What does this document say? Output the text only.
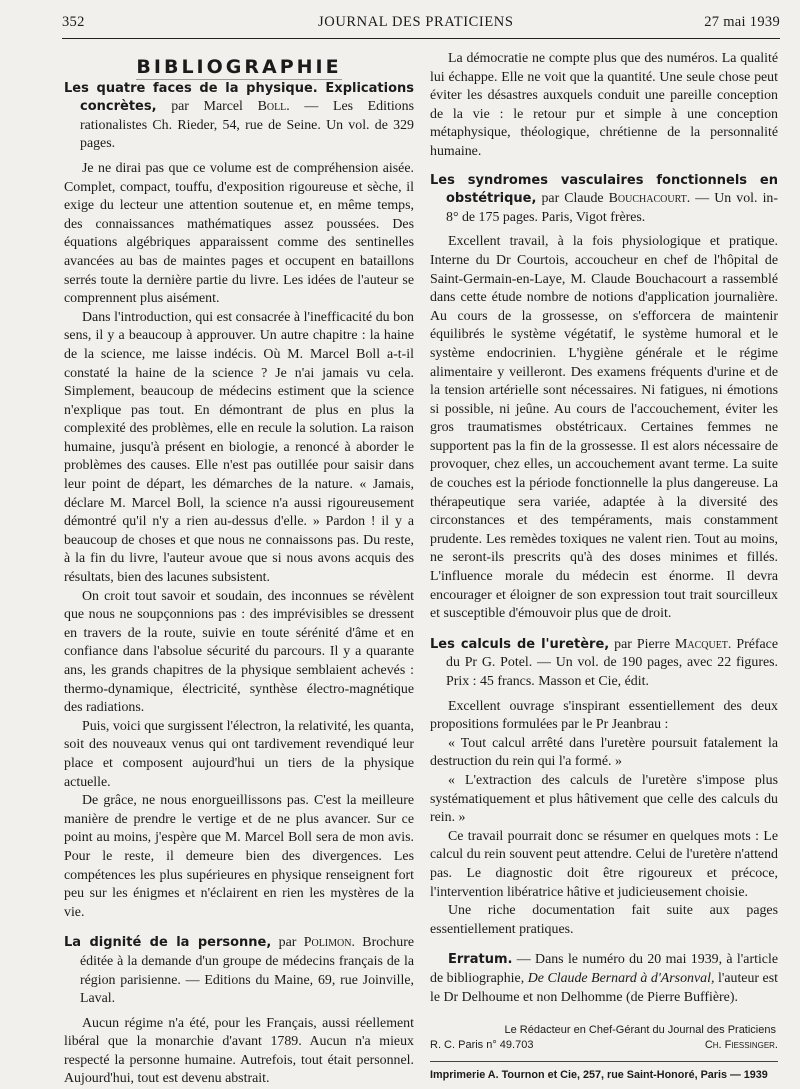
352	JOURNAL DES PRATICIENS	27 mai 1939

BIBLIOGRAPHIE

Les quatre faces de la physique. Explications concrètes, par Marcel Boll. — Les Editions rationalistes Ch. Rieder, 54, rue de Seine. Un vol. de 329 pages.

Je ne dirai pas que ce volume est de compréhension aisée. Complet, compact, touffu, d'exposition rigoureuse et sèche, il exige du lecteur une attention soutenue et, en même temps, des connaissances mathématiques assez poussées. Des équations algébriques apparaissent comme des sentinelles avancées au bas de maintes pages et occupent en bataillons serrés toute la dernière partie du livre. Les idées de l'auteur se comprennent plus aisément.

Dans l'introduction, qui est consacrée à l'inefficacité du bon sens, il y a beaucoup à approuver. Un autre chapitre : la haine de la science, me laisse indécis. Où M. Marcel Boll a-t-il constaté la haine de la science ? Je n'ai jamais vu cela. Simplement, beaucoup de médecins estiment que la science n'explique pas tout. En démontrant de plus en plus la complexité des problèmes, elle en recule la solution. La raison humaine, jusqu'à présent en biologie, a renoncé à aborder le problèmes des causes. Elle n'est pas outillée pour saisir dans leur point de départ, les démarches de la nature. « Jamais, déclare M. Marcel Boll, la science n'a aussi rigoureusement démontré qu'il n'y a rien au-dessus d'elle. » Pardon ! il y a beaucoup de choses et que nous ne connaissons pas. Du reste, à la fin du livre, l'auteur avoue que si nous avons acquis des résultats, bien des lacunes subsistent.

On croit tout savoir et soudain, des inconnues se révèlent que nous ne soupçonnions pas : des imprévisibles se dressent en travers de la route, suivie en toute sérénité d'âme et en confiance dans l'absolue sécurité du parcours. Il y a quarante ans, les grands chapitres de la physique semblaient achevés : thermo-dynamique, électricité, synthèse électro-magnétique des radiations.

Puis, voici que surgissent l'électron, la relativité, les quanta, soit des nouveaux venus qui ont tardivement revendiqué leur place et composent aujourd'hui un tiers de la physique actuelle.

De grâce, ne nous enorgueillissons pas. C'est la meilleure manière de prendre le vertige et de ne plus avancer. Sur ce point au moins, j'espère que M. Marcel Boll sera de mon avis. Pour le reste, il demeure bien des divergences. Les compétences les plus supérieures en physique renseignent fort peu sur les énigmes et n'éclairent en rien les mystères de la vie.

La dignité de la personne, par Polimon. Brochure éditée à la demande d'un groupe de médecins français de la région parisienne. — Editions du Maine, 69, rue Joinville, Laval.

Aucun régime n'a été, pour les Français, aussi réellement libéral que la monarchie d'avant 1789. Aucun n'a mieux respecté la personne humaine. Autrefois, tout était personnel. Aujourd'hui, tout est devenu abstrait.

La démocratie ne compte plus que des numéros. La qualité lui échappe. Elle ne voit que la quantité. Une seule chose peut éviter les désastres auxquels conduit une pareille conception de la vie : le retour pur et simple à une conception métaphysique, théologique, chrétienne de la personnalité humaine.

Les syndromes vasculaires fonctionnels en obstétrique, par Claude Bouchacourt. — Un vol. in-8° de 175 pages. Paris, Vigot frères.

Excellent travail, à la fois physiologique et pratique. Interne du Dr Courtois, accoucheur en chef de l'hôpital de Saint-Germain-en-Laye, M. Claude Bouchacourt a rassemblé dans cette étude nombre de notions d'application journalière. Au cours de la grossesse, on s'efforcera de maintenir équilibrés le système végétatif, le système humoral et le système endocrinien. L'hygiène générale et le régime alimentaire y veilleront. Des examens fréquents d'urine et de la tension artérielle sont nécessaires. Ni fatigues, ni émotions si possible, ni jeûne. Au cours de l'accouchement, éviter les gros traumatismes obstétricaux. Certaines femmes ne supportent pas la fin de la grossesse. Il est alors nécessaire de provoquer, chez elles, un accouchement avant terme. La suite de couches est la période fonctionnelle la plus dangereuse. La thérapeutique sera variée, adaptée à la diversité des circonstances et des tempéraments, mais constamment prudente. Les remèdes toxiques ne valent rien. Tout au moins, ne seront-ils prescrits qu'à des doses minimes et fillés. L'influence morale du médecin est énorme. Il devra encourager et éloigner de son expression tout trait sourcilleux et susceptible d'émouvoir plus que de droit.

Les calculs de l'uretère, par Pierre Macquet. Préface du Pr G. Potel. — Un vol. de 190 pages, avec 22 figures. Prix : 45 francs. Masson et Cie, édit.

Excellent ouvrage s'inspirant essentiellement des deux propositions formulées par le Pr Jeanbrau :

« Tout calcul arrêté dans l'uretère poursuit fatalement la destruction du rein qui l'a formé. »

« L'extraction des calculs de l'uretère s'impose plus systématiquement et plus hâtivement que celle des calculs du rein. »

Ce travail pourrait donc se résumer en quelques mots : Le calcul du rein souvent peut attendre. Celui de l'uretère n'attend pas. Le diagnostic doit être rigoureux et précoce, l'intervention libératrice hâtive et judicieusement choisie.

Une riche documentation fait suite aux pages essentiellement pratiques.

Erratum. — Dans le numéro du 20 mai 1939, à l'article de bibliographie, De Claude Bernard à d'Arsonval, l'auteur est le Dr Delhoume et non Delhomme (de Pierre Buffière).

Le Rédacteur en Chef-Gérant du Journal des Praticiens
R. C. Paris n° 49.703	Ch. Fiessinger.
Imprimerie A. Tournon et Cie, 257, rue Saint-Honoré, Paris — 1939
